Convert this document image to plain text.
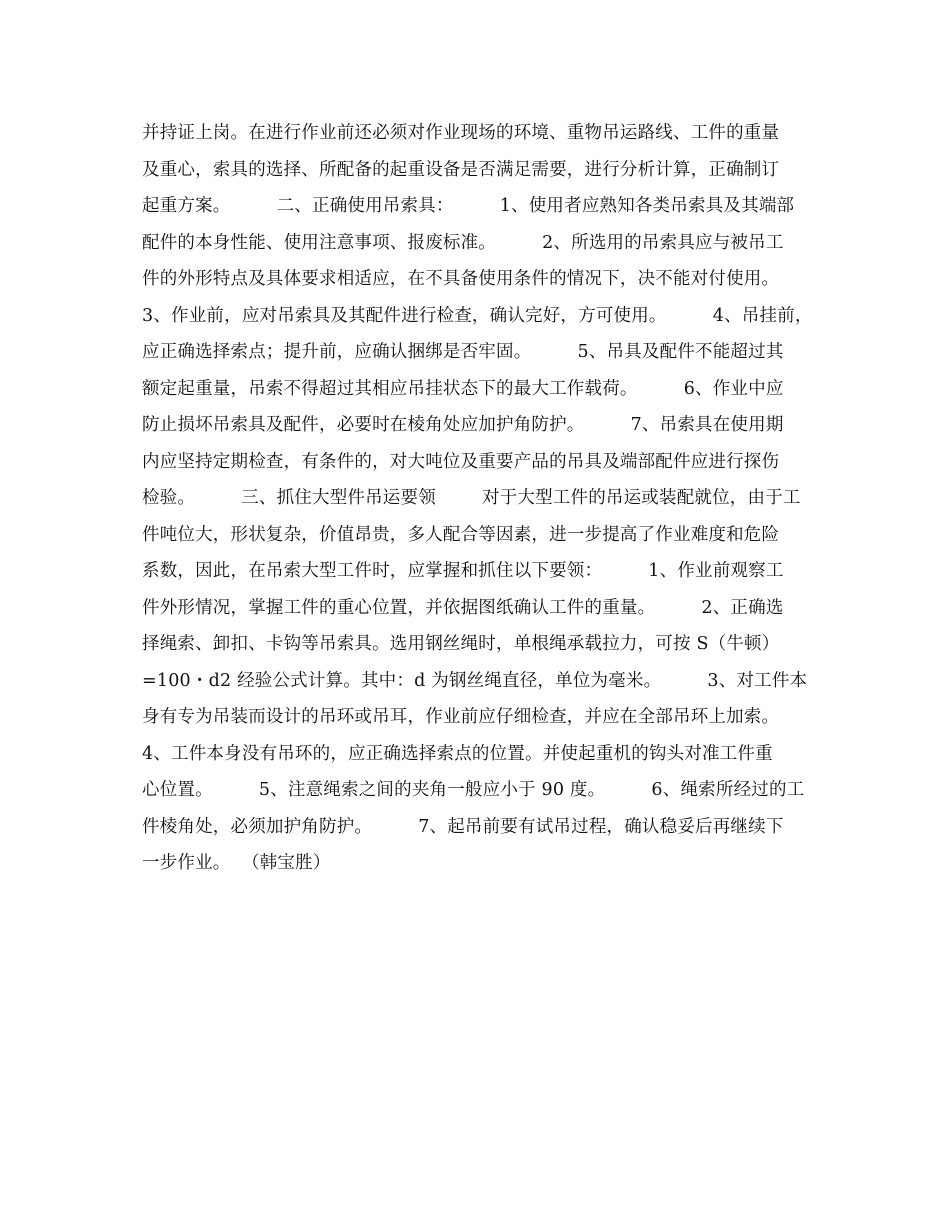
并持证上岗。在进行作业前还必须对作业现场的环境、重物吊运路线、工件的重量
及重心，索具的选择、所配备的起重设备是否满足需要，进行分析计算，正确制订
起重方案。        二、正确使用吊索具：        1、使用者应熟知各类吊索具及其端部
配件的本身性能、使用注意事项、报废标准。        2、所选用的吊索具应与被吊工
件的外形特点及具体要求相适应，在不具备使用条件的情况下，决不能对付使用。
3、作业前，应对吊索具及其配件进行检查，确认完好，方可使用。        4、吊挂前，
应正确选择索点；提升前，应确认捆绑是否牢固。        5、吊具及配件不能超过其
额定起重量，吊索不得超过其相应吊挂状态下的最大工作载荷。        6、作业中应
防止损坏吊索具及配件，必要时在棱角处应加护角防护。        7、吊索具在使用期
内应坚持定期检查，有条件的，对大吨位及重要产品的吊具及端部配件应进行探伤
检验。        三、抓住大型件吊运要领        对于大型工件的吊运或装配就位，由于工
件吨位大，形状复杂，价值昂贵，多人配合等因素，进一步提高了作业难度和危险
系数，因此，在吊索大型工件时，应掌握和抓住以下要领：        1、作业前观察工
件外形情况，掌握工件的重心位置，并依据图纸确认工件的重量。        2、正确选
择绳索、卸扣、卡钩等吊索具。选用钢丝绳时，单根绳承载拉力，可按 S（牛顿）
=100・d2 经验公式计算。其中：d 为钢丝绳直径，单位为毫米。        3、对工件本
身有专为吊装而设计的吊环或吊耳，作业前应仔细检查，并应在全部吊环上加索。
4、工件本身没有吊环的，应正确选择索点的位置。并使起重机的钩头对准工件重
心位置。        5、注意绳索之间的夹角一般应小于 90 度。        6、绳索所经过的工
件棱角处，必须加护角防护。        7、起吊前要有试吊过程，确认稳妥后再继续下
一步作业。  （韩宝胜）
